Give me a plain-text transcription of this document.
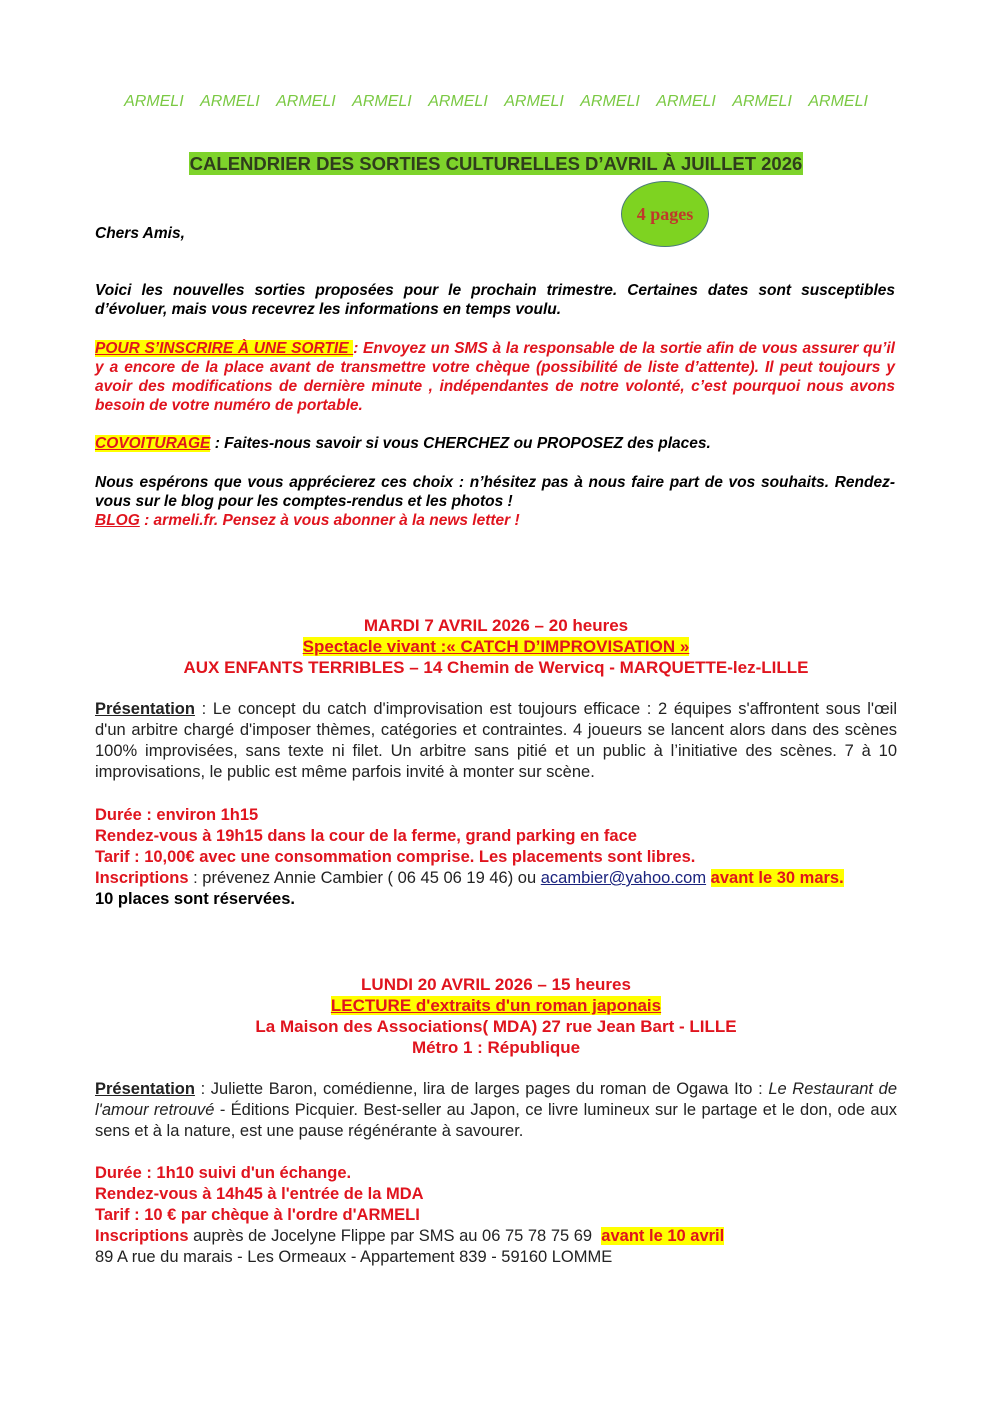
ARMELI ARMELI ARMELI ARMELI ARMELI ARMELI ARMELI ARMELI ARMELI ARMELI
CALENDRIER DES SORTIES CULTURELLES D’AVRIL À JUILLET 2026
4 pages
Chers Amis,
Voici les nouvelles sorties proposées pour le prochain trimestre. Certaines dates sont susceptibles d’évoluer, mais vous recevrez les informations en temps voulu.
POUR S’INSCRIRE À UNE SORTIE : Envoyez un SMS à la responsable de la sortie afin de vous assurer qu’il y a encore de la place avant de transmettre votre chèque (possibilité de liste d’attente). Il peut toujours y avoir des modifications de dernière minute , indépendantes de notre volonté, c’est pourquoi nous avons besoin de votre numéro de portable.
COVOITURAGE : Faites-nous savoir si vous CHERCHEZ ou PROPOSEZ des places.
Nous espérons que vous apprécierez ces choix : n’hésitez pas à nous faire part de vos souhaits. Rendez-vous sur le blog pour les comptes-rendus et les photos !
BLOG : armeli.fr. Pensez à vous abonner à la news letter !
MARDI 7 AVRIL 2026 – 20 heures
Spectacle vivant :« CATCH D’IMPROVISATION »
AUX ENFANTS TERRIBLES – 14 Chemin de Wervicq - MARQUETTE-lez-LILLE
Présentation : Le concept du catch d'improvisation est toujours efficace : 2 équipes s'affrontent sous l'œil d'un arbitre chargé d'imposer thèmes, catégories et contraintes. 4 joueurs se lancent alors dans des scènes 100% improvisées, sans texte ni filet. Un arbitre sans pitié et un public à l’initiative des scènes. 7 à 10 improvisations, le public est même parfois invité à monter sur scène.
Durée : environ 1h15
Rendez-vous à 19h15 dans la cour de la ferme, grand parking en face
Tarif : 10,00€ avec une consommation comprise. Les placements sont libres.
Inscriptions : prévenez Annie Cambier ( 06 45 06 19 46) ou acambier@yahoo.com avant le 30 mars.
10 places sont réservées.
LUNDI 20 AVRIL 2026 – 15 heures
LECTURE d'extraits d'un roman japonais
La Maison des Associations( MDA) 27 rue Jean Bart - LILLE
Métro 1 : République
Présentation : Juliette Baron, comédienne, lira de larges pages du roman de Ogawa Ito : Le Restaurant de l'amour retrouvé - Éditions Picquier. Best-seller au Japon, ce livre lumineux sur le partage et le don, ode aux sens et à la nature, est une pause régénérante à savourer.
Durée : 1h10 suivi d'un échange.
Rendez-vous à 14h45 à l'entrée de la MDA
Tarif : 10 € par chèque à l'ordre d'ARMELI
Inscriptions auprès de Jocelyne Flippe par SMS au 06 75 78 75 69  avant le 10 avril
89 A rue du marais - Les Ormeaux - Appartement 839 - 59160 LOMME
